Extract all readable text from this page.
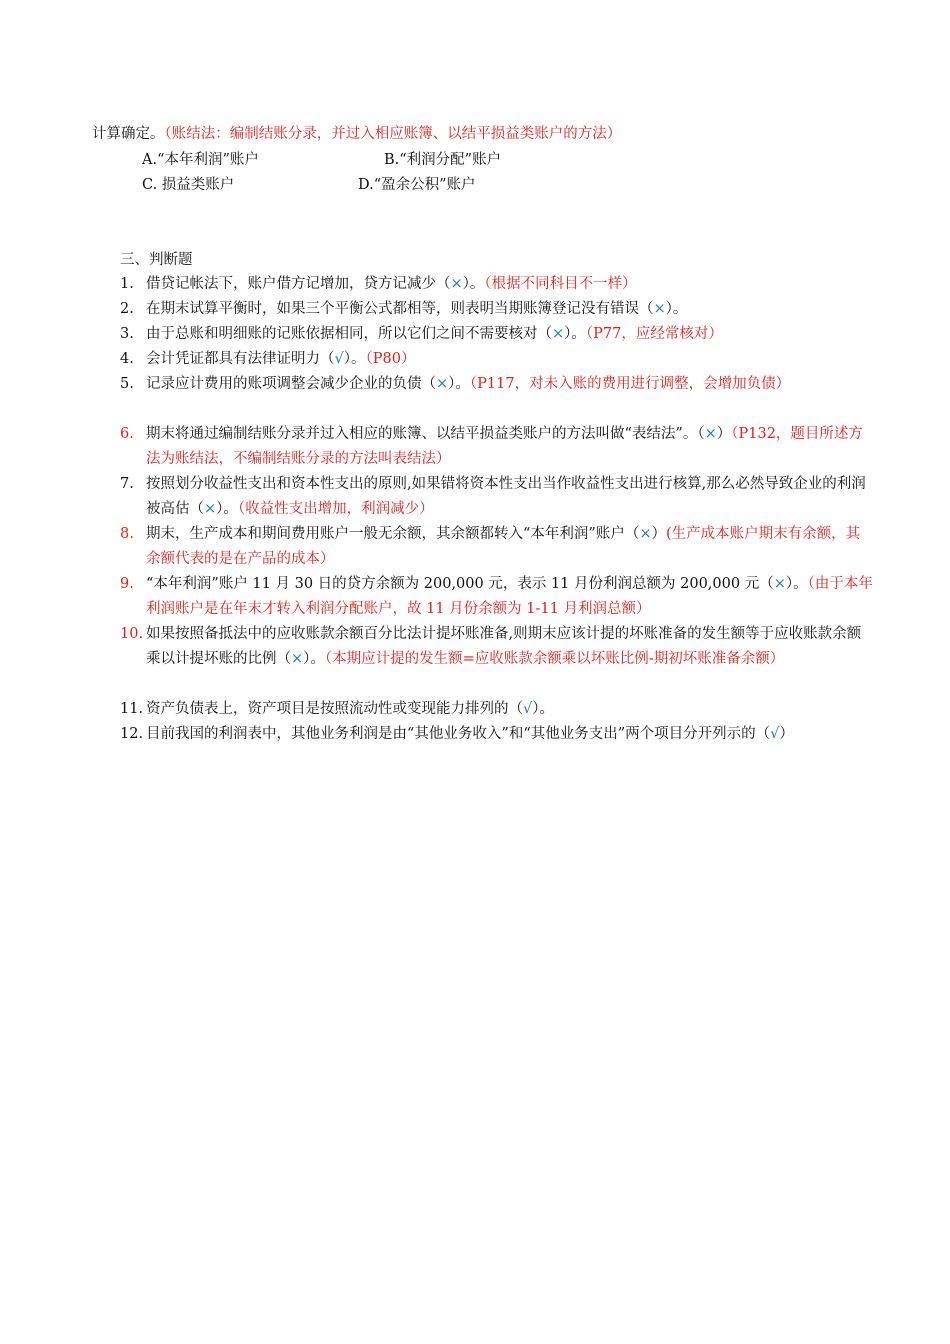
计算确定。（账结法：编制结账分录，并过入相应账簿、以结平损益类账户的方法）
A.“本年利润”账户	B.“利润分配”账户
C. 损益类账户	D.“盈余公积”账户
三、判断题
1. 借贷记帐法下，账户借方记增加，贷方记减少（×）。（根据不同科目不一样）
2. 在期末试算平衡时，如果三个平衡公式都相等，则表明当期账簿登记没有错误（×）。
3. 由于总账和明细账的记账依据相同，所以它们之间不需要核对（×）。（P77，应经常核对）
4. 会计凭证都具有法律证明力（√）。（P80）
5. 记录应计费用的账项调整会减少企业的负债（×）。（P117，对未入账的费用进行调整，会增加负债）
6. 期末将通过编制结账分录并过入相应的账簿、以结平损益类账户的方法叫做“表结法”。（×）（P132，题目所述方法为账结法，不编制结账分录的方法叫表结法）
7. 按照划分收益性支出和资本性支出的原则,如果错将资本性支出当作收益性支出进行核算,那么必然导致企业的利润被高估（×）。（收益性支出增加，利润减少）
8. 期末，生产成本和期间费用账户一般无余额，其余额都转入“本年利润”账户（×）(生产成本账户期末有余额，其余额代表的是在产品的成本）
9. “本年利润”账户 11 月 30 日的贷方余额为 200,000 元，表示 11 月份利润总额为 200,000 元（×）。（由于本年利润账户是在年末才转入利润分配账户，故 11 月份余额为 1-11 月利润总额）
10. 如果按照备抵法中的应收账款余额百分比法计提坏账准备,则期末应该计提的坏账准备的发生额等于应收账款余额乘以计提坏账的比例（×）。（本期应计提的发生额=应收账款余额乘以坏账比例-期初坏账准备余额）
11. 资产负债表上，资产项目是按照流动性或变现能力排列的（√）。
12. 目前我国的利润表中，其他业务利润是由“其他业务收入”和“其他业务支出”两个项目分开列示的（√）
